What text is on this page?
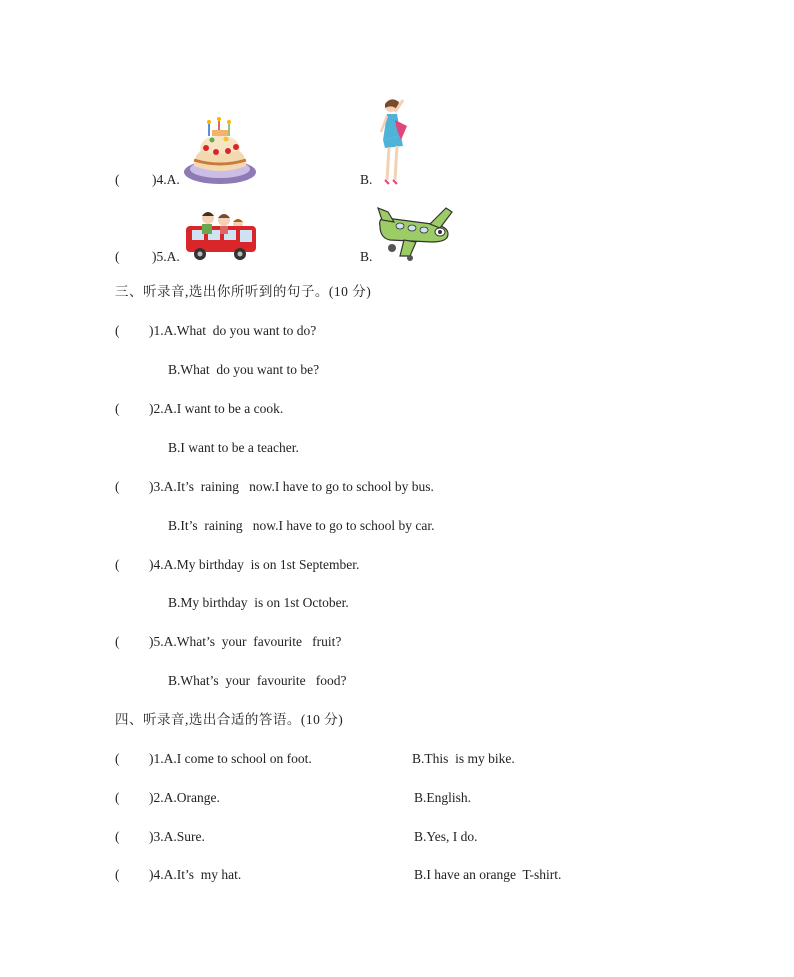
( )4.A.	B.
( )5.A.	B.
三、听录音,选出你所听到的句子。(10 分)
( )1.A.What  do you want to do?
B.What  do you want to be?
( )2.A.I want to be a cook.
B.I want to be a teacher.
( )3.A.It’s  raining   now.I have to go to school by bus.
B.It’s  raining   now.I have to go to school by car.
( )4.A.My birthday  is on 1st September.
B.My birthday  is on 1st October.
( )5.A.What’s  your  favourite   fruit?
B.What’s  your  favourite   food?
四、听录音,选出合适的答语。(10 分)
( )1.A.I come to school on foot.	B.This  is my bike.
( )2.A.Orange.	B.English.
( )3.A.Sure.	B.Yes, I do.
( )4.A.It’s  my hat.	B.I have an orange  T-shirt.
